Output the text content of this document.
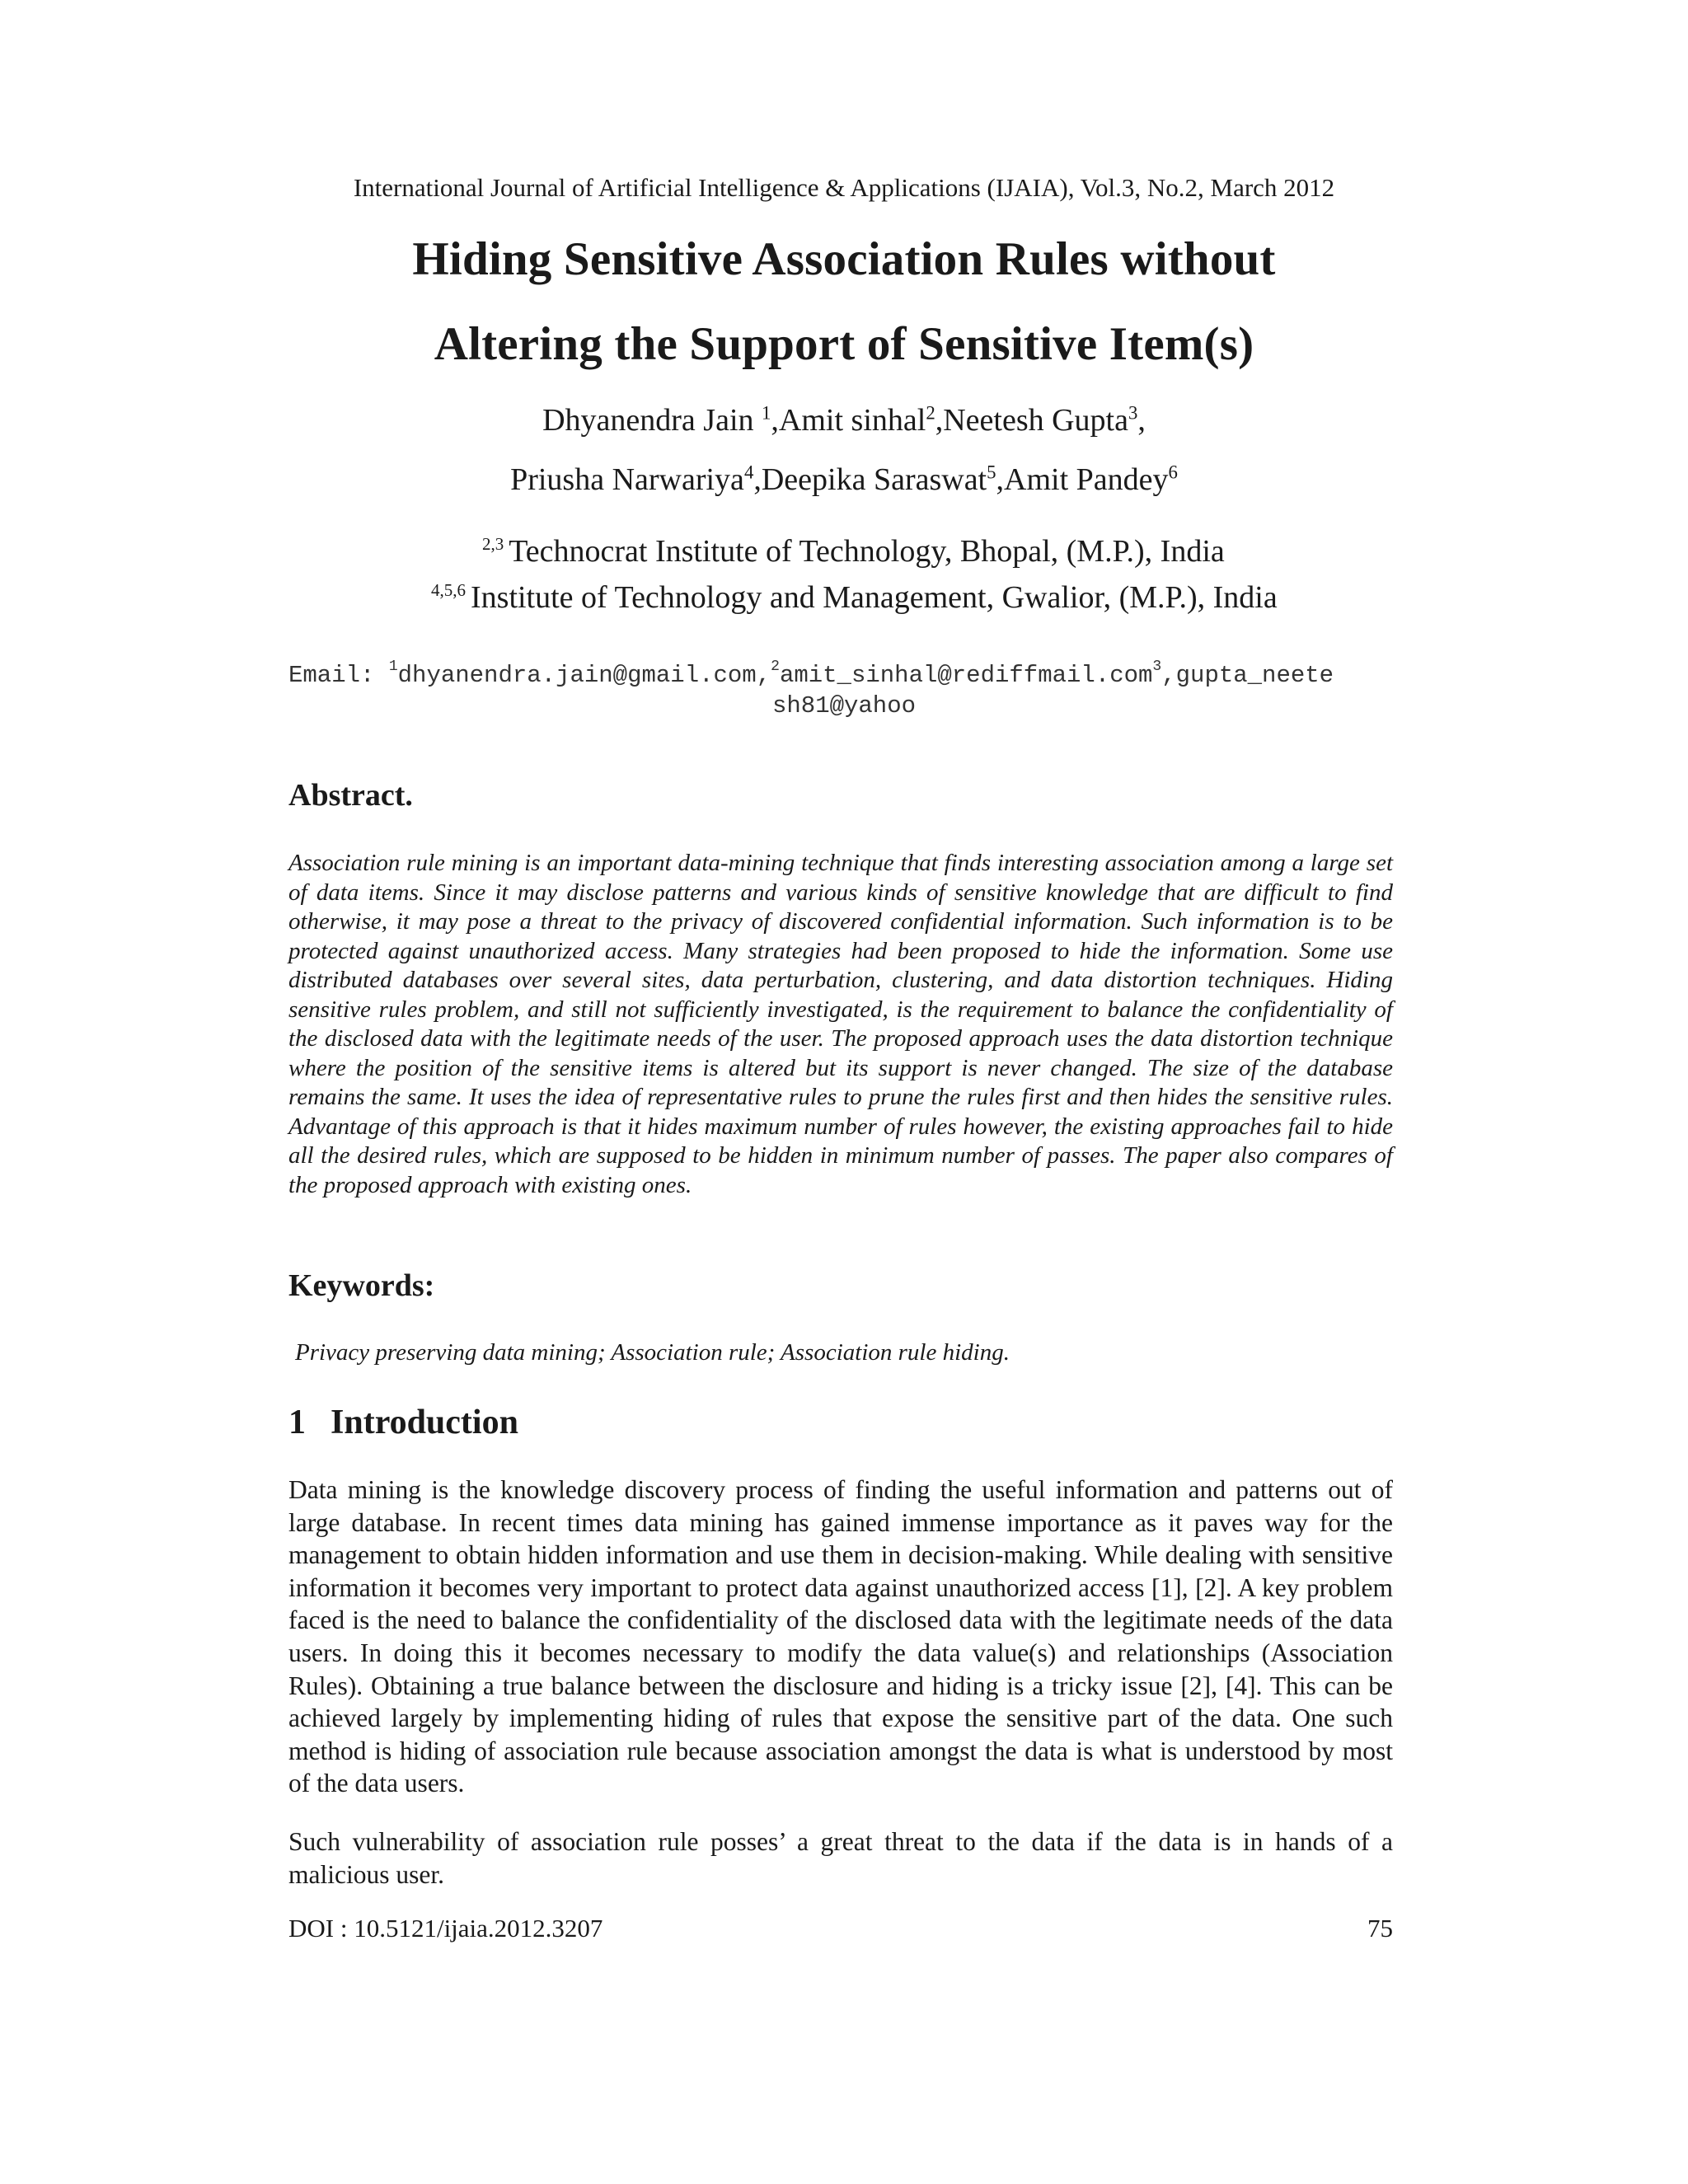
International Journal of Artificial Intelligence & Applications (IJAIA), Vol.3, No.2, March 2012
Hiding Sensitive Association Rules without
Altering the Support of Sensitive Item(s)
Dhyanendra Jain $^1$,Amit sinhal$^2$,Neetesh Gupta$^3$,
Priusha Narwariya$^4$,Deepika Saraswat$^5$,Amit Pandey$^6$
$^{2,3}$ Technocrat Institute of Technology, Bhopal, (M.P.), India
$^{4,5,6}$ Institute of Technology and Management, Gwalior, (M.P.), India
Email: $^1$dhyanendra.jain@gmail.com,$^2$amit_sinhal@rediffmail.com$^3$,gupta_neete
sh81@yahoo
Abstract.
Association rule mining is an important data-mining technique that finds interesting association among a large set of data items. Since it may disclose patterns and various kinds of sensitive knowledge that are difficult to find otherwise, it may pose a threat to the privacy of discovered confidential information. Such information is to be protected against unauthorized access. Many strategies had been proposed to hide the information. Some use distributed databases over several sites, data perturbation, clustering, and data distortion techniques. Hiding sensitive rules problem, and still not sufficiently investigated, is the requirement to balance the confidentiality of the disclosed data with the legitimate needs of the user. The proposed approach uses the data distortion technique where the position of the sensitive items is altered but its support is never changed. The size of the database remains the same. It uses the idea of representative rules to prune the rules first and then hides the sensitive rules. Advantage of this approach is that it hides maximum number of rules however, the existing approaches fail to hide all the desired rules, which are supposed to be hidden in minimum number of passes. The paper also compares of the proposed approach with existing ones.
Keywords:
Privacy preserving data mining; Association rule; Association rule hiding.
1 Introduction
Data mining is the knowledge discovery process of finding the useful information and patterns out of large database. In recent times data mining has gained immense importance as it paves way for the management to obtain hidden information and use them in decision-making. While dealing with sensitive information it becomes very important to protect data against unauthorized access [1], [2]. A key problem faced is the need to balance the confidentiality of the disclosed data with the legitimate needs of the data users. In doing this it becomes necessary to modify the data value(s) and relationships (Association Rules). Obtaining a true balance between the disclosure and hiding is a tricky issue [2], [4]. This can be achieved largely by implementing hiding of rules that expose the sensitive part of the data. One such method is hiding of association rule because association amongst the data is what is understood by most of the data users.
Such vulnerability of association rule posses’ a great threat to the data if the data is in hands of a malicious user.
DOI : 10.5121/ijaia.2012.3207	75
